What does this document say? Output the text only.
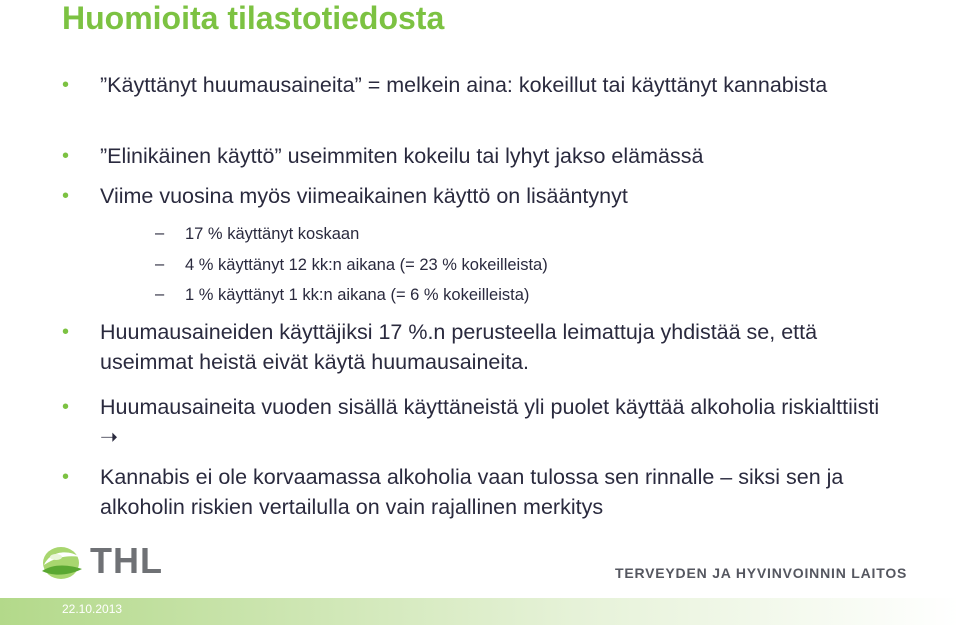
Huomioita tilastotiedosta
• ”Käyttänyt huumausaineita” = melkein aina: kokeillut tai käyttänyt kannabista
• ”Elinikäinen käyttö” useimmiten kokeilu tai lyhyt jakso elämässä
• Viime vuosina myös viimeaikainen käyttö on lisääntynyt
– 17 % käyttänyt koskaan
– 4 % käyttänyt 12 kk:n aikana (= 23 % kokeilleista)
– 1 % käyttänyt 1 kk:n aikana (= 6 % kokeilleista)
• Huumausaineiden käyttäjiksi 17 %.n perusteella leimattuja yhdistää se, että useimmat heistä eivät käytä huumausaineita.
• Huumausaineita vuoden sisällä käyttäneistä yli puolet käyttää alkoholia riskialttiisti ➝
• Kannabis ei ole korvaamassa alkoholia vaan tulossa sen rinnalle – siksi sen ja alkoholin riskien vertailulla on vain rajallinen merkitys
THL	TERVEYDEN JA HYVINVOINNIN LAITOS
22.10.2013
